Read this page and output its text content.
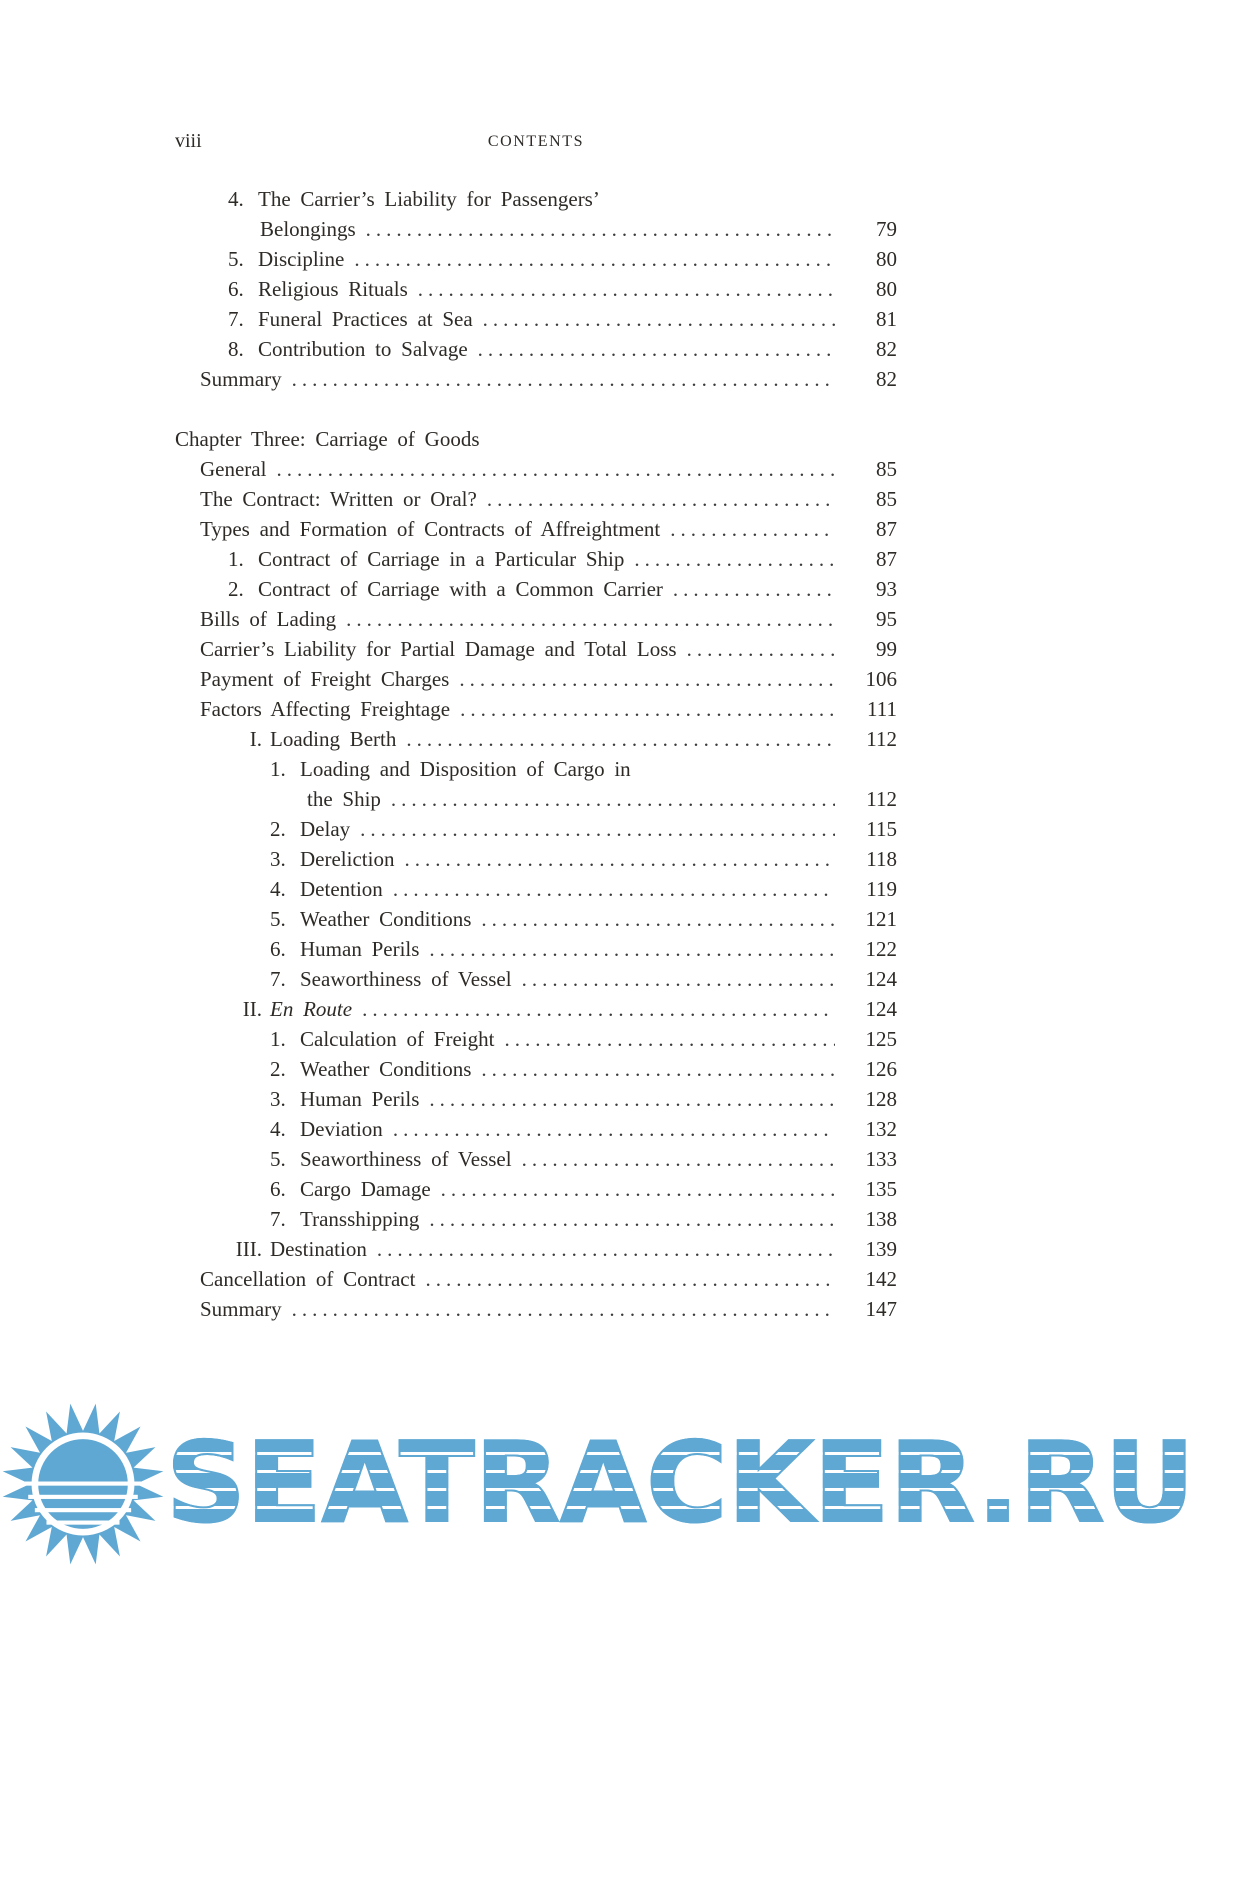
viii	CONTENTS
4. The Carrier’s Liability for Passengers’
Belongings .....	79
5. Discipline .....	80
6. Religious Rituals .....	80
7. Funeral Practices at Sea .....	81
8. Contribution to Salvage .....	82
Summary .....	82
Chapter Three: Carriage of Goods
General .....	85
The Contract: Written or Oral? .....	85
Types and Formation of Contracts of Affreightment .....	87
1. Contract of Carriage in a Particular Ship .....	87
2. Contract of Carriage with a Common Carrier .....	93
Bills of Lading .....	95
Carrier’s Liability for Partial Damage and Total Loss .....	99
Payment of Freight Charges .....	106
Factors Affecting Freightage .....	111
I. Loading Berth .....	112
1. Loading and Disposition of Cargo in
the Ship .....	112
2. Delay .....	115
3. Dereliction .....	118
4. Detention .....	119
5. Weather Conditions .....	121
6. Human Perils .....	122
7. Seaworthiness of Vessel .....	124
II. En Route .....	124
1. Calculation of Freight .....	125
2. Weather Conditions .....	126
3. Human Perils .....	128
4. Deviation .....	132
5. Seaworthiness of Vessel .....	133
6. Cargo Damage .....	135
7. Transshipping .....	138
III. Destination .....	139
Cancellation of Contract .....	142
Summary .....	147
SEATRACKER.RU
